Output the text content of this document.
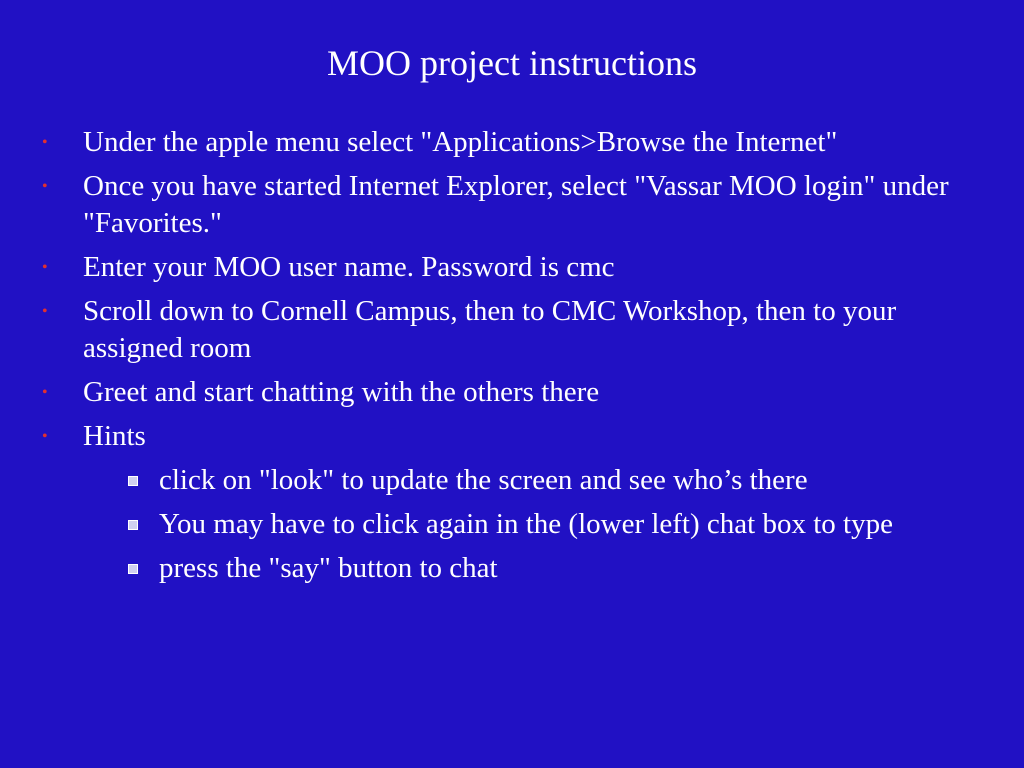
MOO project instructions
• Under the apple menu select "Applications>Browse the Internet"
• Once you have started Internet Explorer, select "Vassar MOO login" under "Favorites."
• Enter your MOO user name. Password is cmc
• Scroll down to Cornell Campus, then to CMC Workshop, then to your assigned room
• Greet and start chatting with the others there
• Hints
click on "look" to update the screen and see who’s there
You may have to click again in the (lower left) chat box to type
press the "say" button to chat
